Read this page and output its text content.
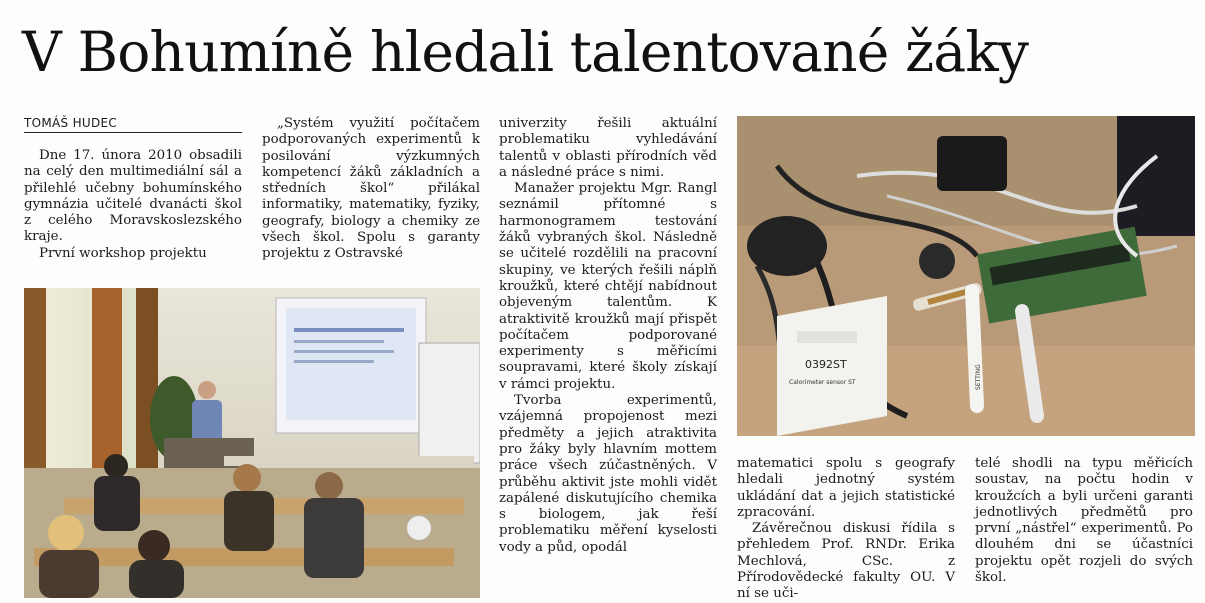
V Bohumíně hledali talentované žáky
TOMÁŠ HUDEC

Dne 17. února 2010 obsadili na celý den multimediální sál a přilehlé učebny bohumínského gymnázia učitelé dvanácti škol z celého Moravskoslezského kraje.

První workshop projektu

„Systém využití počítačem podporovaných experimentů k posilování výzkumných kompetencí žáků základních a středních škol“ přilákal informatiky, matematiky, fyziky, geografy, biology a chemiky ze všech škol. Spolu s garanty projektu z Ostravské

univerzity řešili aktuální problematiku vyhledávání talentů v oblasti přírodních věd a následné práce s nimi.

Manažer projektu Mgr. Rangl seznámil přítomné s harmonogramem testování žáků vybraných škol. Následně se učitelé rozdělili na pracovní skupiny, ve kterých řešili náplň kroužků, které chtějí nabídnout objeveným talentům. K atraktivitě kroužků mají přispět počítačem podporované experimenty s měřicími soupravami, které školy získají v rámci projektu.

Tvorba experimentů, vzájemná propojenost mezi předměty a jejich atraktivita pro žáky byly hlavním mottem práce všech zúčastněných. V průběhu aktivit jste mohli vidět zapálené diskutujícího chemika s biologem, jak řeší problematiku měření kyselosti vody a půd, opodál

matematici spolu s geografy hledali jednotný systém ukládání dat a jejich statistické zpracování.

Závěrečnou diskusi řídila s přehledem Prof. RNDr. Erika Mechlová, CSc. z Přírodovědecké fakulty OU. V ní se uči-

telé shodli na typu měřicích soustav, na počtu hodin v kroužcích a byli určeni garanti jednotlivých předmětů pro první „nástřel“ experimentů. Po dlouhém dni se účastníci projektu opět rozjeli do svých škol.

0392ST
Calorimeter sensor ST	SETTING
